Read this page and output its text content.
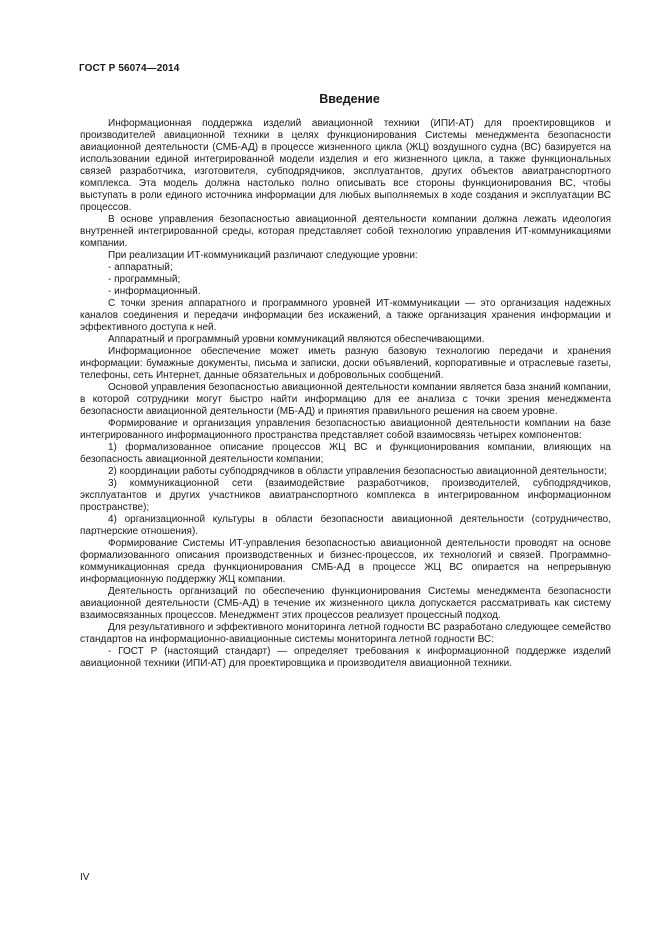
ГОСТ Р 56074—2014
Введение

Информационная поддержка изделий авиационной техники (ИПИ-АТ) для проектировщиков и производителей авиационной техники в целях функционирования Системы менеджмента безопасности авиационной деятельности (СМБ-АД) в процессе жизненного цикла (ЖЦ) воздушного судна (ВС) базируется на использовании единой интегрированной модели изделия и его жизненного цикла, а также функциональных связей разработчика, изготовителя, субподрядчиков, эксплуатантов, других объектов авиатранспортного комплекса. Эта модель должна настолько полно описывать все стороны функционирования ВС, чтобы выступать в роли единого источника информации для любых выполняемых в ходе создания и эксплуатации ВС процессов.

В основе управления безопасностью авиационной деятельности компании должна лежать идеология внутренней интегрированной среды, которая представляет собой технологию управления ИТ-коммуникациями компании.

При реализации ИТ-коммуникаций различают следующие уровни:

- аппаратный;

- программный;

- информационный.

С точки зрения аппаратного и программного уровней ИТ-коммуникации — это организация надежных каналов соединения и передачи информации без искажений, а также организация хранения информации и эффективного доступа к ней.

Аппаратный и программный уровни коммуникаций являются обеспечивающими.

Информационное обеспечение может иметь разную базовую технологию передачи и хранения информации: бумажные документы, письма и записки, доски объявлений, корпоративные и отраслевые газеты, телефоны, сеть Интернет, данные обязательных и добровольных сообщений.

Основой управления безопасностью авиационной деятельности компании является база знаний компании, в которой сотрудники могут быстро найти информацию для ее анализа с точки зрения менеджмента безопасности авиационной деятельности (МБ-АД) и принятия правильного решения на своем уровне.

Формирование и организация управления безопасностью авиационной деятельности компании на базе интегрированного информационного пространства представляет собой взаимосвязь четырех компонентов:

1) формализованное описание процессов ЖЦ ВС и функционирования компании, влияющих на безопасность авиационной деятельности компании;

2) координации работы субподрядчиков в области управления безопасностью авиационной деятельности;

3) коммуникационной сети (взаимодействие разработчиков, производителей, субподрядчиков, эксплуатантов и других участников авиатранспортного комплекса в интегрированном информационном пространстве);

4) организационной культуры в области безопасности авиационной деятельности (сотрудничество, партнерские отношения).

Формирование Системы ИТ-управления безопасностью авиационной деятельности проводят на основе формализованного описания производственных и бизнес-процессов, их технологий и связей. Программно-коммуникационная среда функционирования СМБ-АД в процессе ЖЦ ВС опирается на непрерывную информационную поддержку ЖЦ компании.

Деятельность организаций по обеспечению функционирования Системы менеджмента безопасности авиационной деятельности (СМБ-АД) в течение их жизненного цикла допускается рассматривать как систему взаимосвязанных процессов. Менеджмент этих процессов реализует процессный подход.

Для результативного и эффективного мониторинга летной годности ВС разработано следующее семейство стандартов на информационно-авиационные системы мониторинга летной годности ВС:

- ГОСТ Р (настоящий стандарт) — определяет требования к информационной поддержке изделий авиационной техники (ИПИ-АТ) для проектировщика и производителя авиационной техники.

IV
